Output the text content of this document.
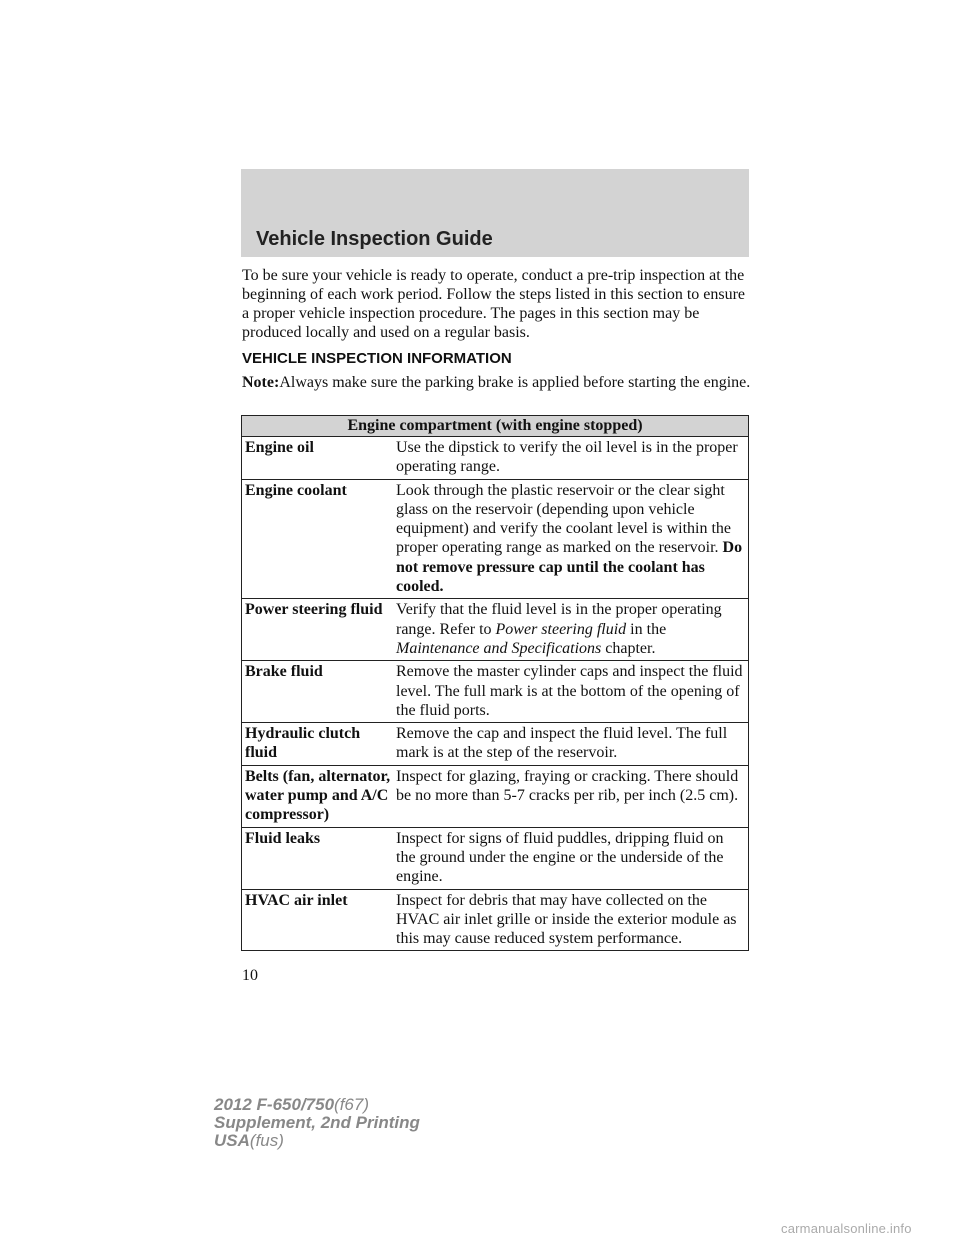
Vehicle Inspection Guide

To be sure your vehicle is ready to operate, conduct a pre-trip inspection at the beginning of each work period. Follow the steps listed in this section to ensure a proper vehicle inspection procedure. The pages in this section may be produced locally and used on a regular basis.

VEHICLE INSPECTION INFORMATION

Note:Always make sure the parking brake is applied before starting the engine.

Engine compartment (with engine stopped)	
Engine oil	Use the dipstick to verify the oil level is in the proper operating range.
Engine coolant	Look through the plastic reservoir or the clear sight glass on the reservoir (depending upon vehicle equipment) and verify the coolant level is within the proper operating range as marked on the reservoir. Do not remove pressure cap until the coolant has cooled.
Power steering fluid	Verify that the fluid level is in the proper operating range. Refer to Power steering fluid in the Maintenance and Specifications chapter.
Brake fluid	Remove the master cylinder caps and inspect the fluid level. The full mark is at the bottom of the opening of the fluid ports.
Hydraulic clutch fluid	Remove the cap and inspect the fluid level. The full mark is at the step of the reservoir.
Belts (fan, alternator, water pump and A/C compressor)	Inspect for glazing, fraying or cracking. There should be no more than 5-7 cracks per rib, per inch (2.5 cm).
Fluid leaks	Inspect for signs of fluid puddles, dripping fluid on the ground under the engine or the underside of the engine.
HVAC air inlet	Inspect for debris that may have collected on the HVAC air inlet grille or inside the exterior module as this may cause reduced system performance.
10
2012 F-650/750(f67)
Supplement, 2nd Printing
USA(fus)
carmanualsonline.info
